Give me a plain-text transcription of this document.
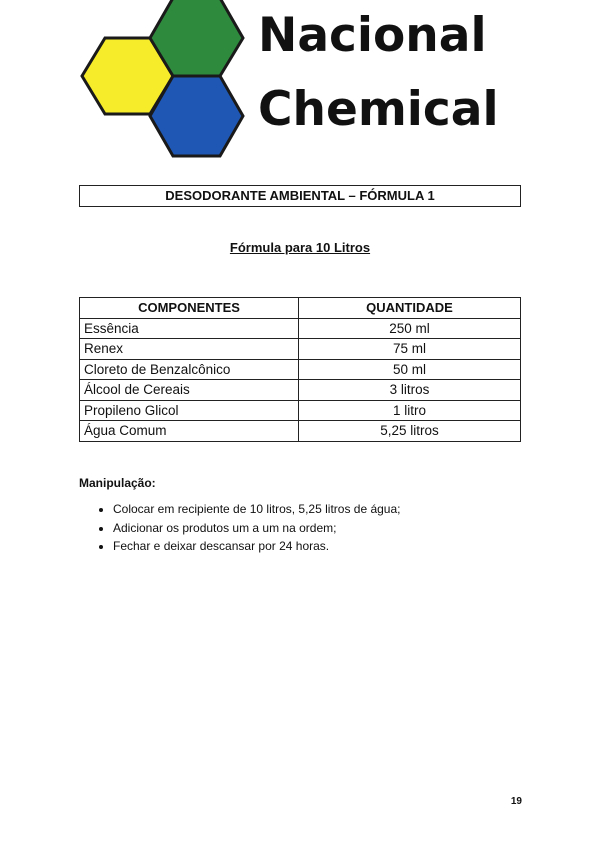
Nacional
Chemical
DESODORANTE AMBIENTAL – FÓRMULA 1
Fórmula para 10 Litros
COMPONENTES	QUANTIDADE
Essência	250 ml
Renex	75 ml
Cloreto de Benzalcônico	50 ml
Álcool de Cereais	3 litros
Propileno Glicol	1 litro
Água Comum	5,25 litros
Manipulação:
• Colocar em recipiente de 10 litros, 5,25 litros de água;
• Adicionar os produtos um a um na ordem;
• Fechar e deixar descansar por 24 horas.
19
